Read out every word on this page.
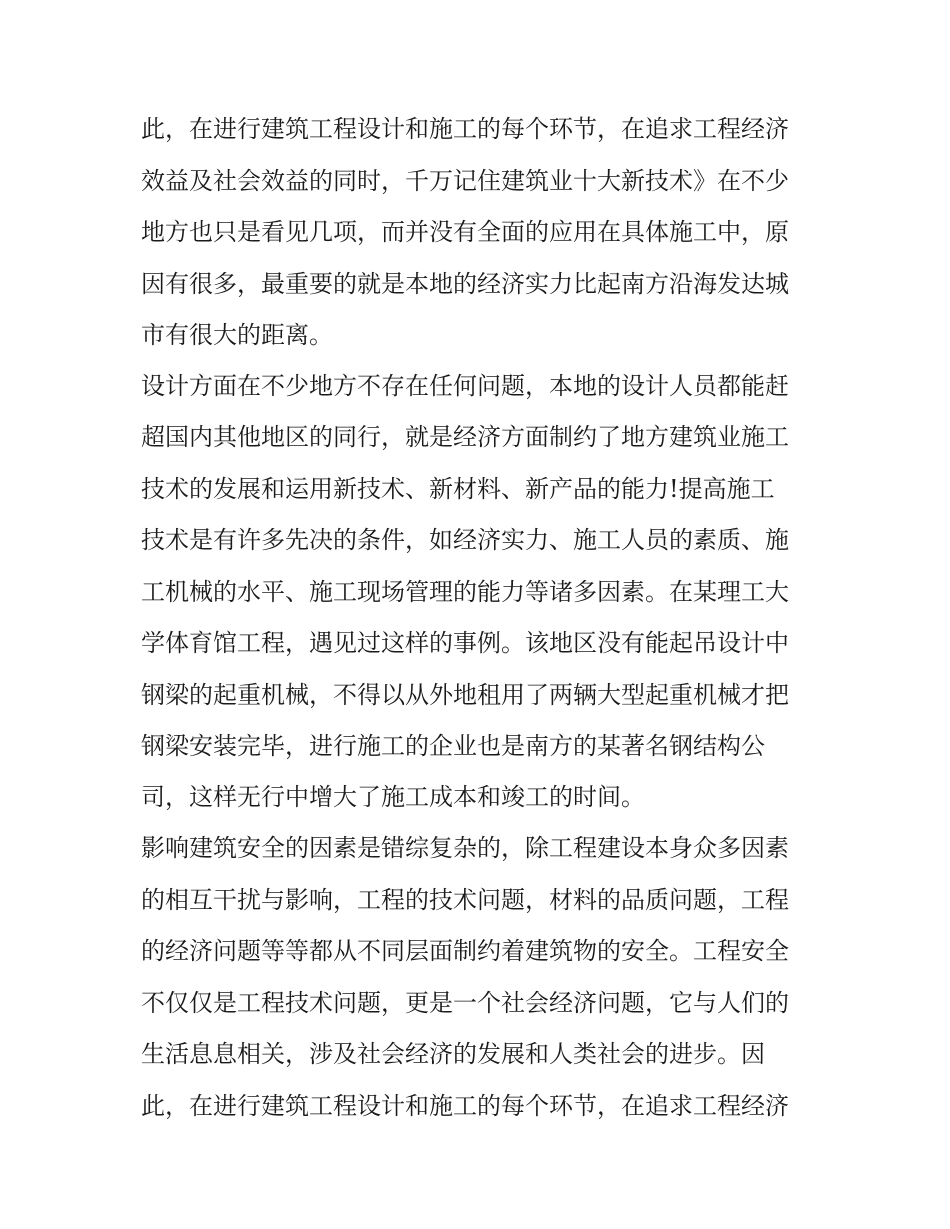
此，在进行建筑工程设计和施工的每个环节，在追求工程经济
效益及社会效益的同时，千万记住建筑业十大新技术》在不少
地方也只是看见几项，而并没有全面的应用在具体施工中，原
因有很多，最重要的就是本地的经济实力比起南方沿海发达城
市有很大的距离。
设计方面在不少地方不存在任何问题，本地的设计人员都能赶
超国内其他地区的同行，就是经济方面制约了地方建筑业施工
技术的发展和运用新技术、新材料、新产品的能力!提高施工
技术是有许多先决的条件，如经济实力、施工人员的素质、施
工机械的水平、施工现场管理的能力等诸多因素。在某理工大
学体育馆工程，遇见过这样的事例。该地区没有能起吊设计中
钢梁的起重机械，不得以从外地租用了两辆大型起重机械才把
钢梁安装完毕，进行施工的企业也是南方的某著名钢结构公
司，这样无行中增大了施工成本和竣工的时间。
影响建筑安全的因素是错综复杂的，除工程建设本身众多因素
的相互干扰与影响，工程的技术问题，材料的品质问题，工程
的经济问题等等都从不同层面制约着建筑物的安全。工程安全
不仅仅是工程技术问题，更是一个社会经济问题，它与人们的
生活息息相关，涉及社会经济的发展和人类社会的进步。因
此，在进行建筑工程设计和施工的每个环节，在追求工程经济
